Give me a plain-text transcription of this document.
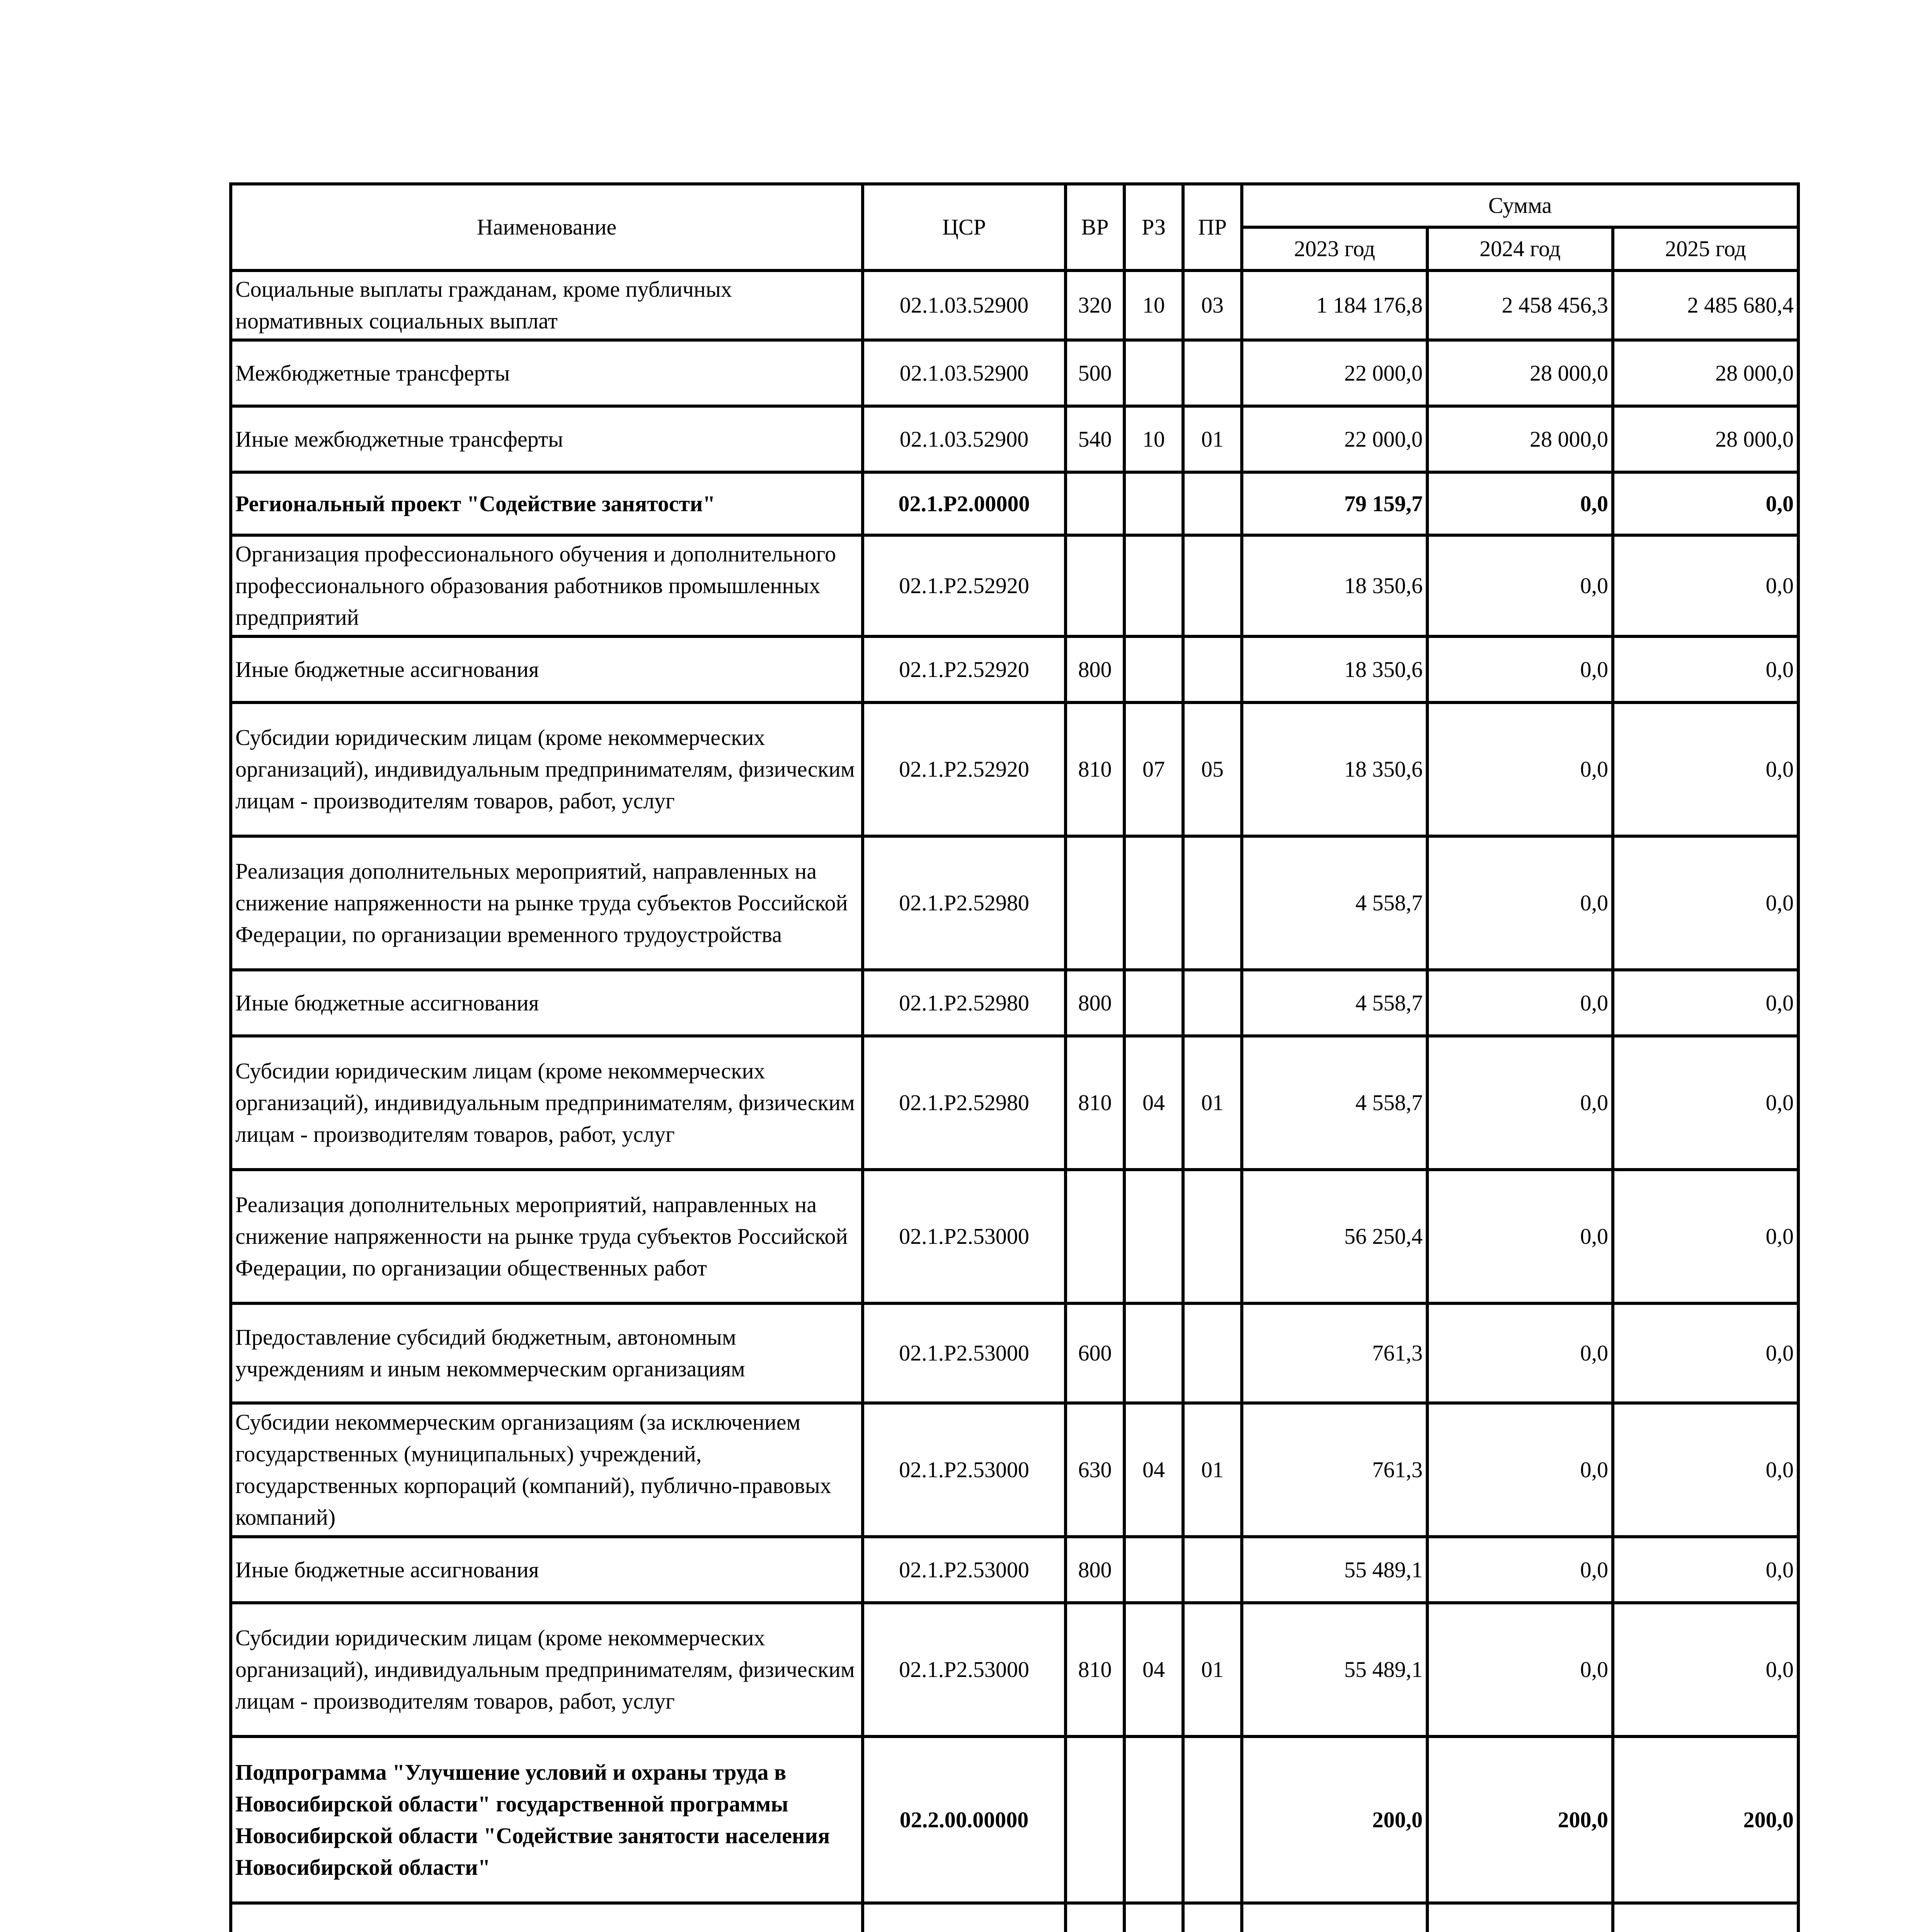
Наименование	ЦСР	ВР	РЗ	ПР	Сумма		
					2023 год	2024 год	2025 год
Социальные выплаты гражданам, кроме публичных нормативных социальных выплат	02.1.03.52900	320	10	03	1 184 176,8	2 458 456,3	2 485 680,4
Межбюджетные трансферты	02.1.03.52900	500			22 000,0	28 000,0	28 000,0
Иные межбюджетные трансферты	02.1.03.52900	540	10	01	22 000,0	28 000,0	28 000,0
Региональный проект "Содействие занятости"	02.1.P2.00000				79 159,7	0,0	0,0
Организация профессионального обучения и дополнительного профессионального образования работников промышленных предприятий	02.1.P2.52920				18 350,6	0,0	0,0
Иные бюджетные ассигнования	02.1.P2.52920	800			18 350,6	0,0	0,0
Субсидии юридическим лицам (кроме некоммерческих организаций), индивидуальным предпринимателям, физическим лицам - производителям товаров, работ, услуг	02.1.P2.52920	810	07	05	18 350,6	0,0	0,0
Реализация дополнительных мероприятий, направленных на снижение напряженности на рынке труда субъектов Российской Федерации, по организации временного трудоустройства	02.1.P2.52980				4 558,7	0,0	0,0
Иные бюджетные ассигнования	02.1.P2.52980	800			4 558,7	0,0	0,0
Субсидии юридическим лицам (кроме некоммерческих организаций), индивидуальным предпринимателям, физическим лицам - производителям товаров, работ, услуг	02.1.P2.52980	810	04	01	4 558,7	0,0	0,0
Реализация дополнительных мероприятий, направленных на снижение напряженности на рынке труда субъектов Российской Федерации, по организации общественных работ	02.1.P2.53000				56 250,4	0,0	0,0
Предоставление субсидий бюджетным, автономным учреждениям и иным некоммерческим организациям	02.1.P2.53000	600			761,3	0,0	0,0
Субсидии некоммерческим организациям (за исключением государственных (муниципальных) учреждений, государственных корпораций (компаний), публично-правовых компаний)	02.1.P2.53000	630	04	01	761,3	0,0	0,0
Иные бюджетные ассигнования	02.1.P2.53000	800			55 489,1	0,0	0,0
Субсидии юридическим лицам (кроме некоммерческих организаций), индивидуальным предпринимателям, физическим лицам - производителям товаров, работ, услуг	02.1.P2.53000	810	04	01	55 489,1	0,0	0,0
Подпрограмма "Улучшение условий и охраны труда в Новосибирской области" государственной программы Новосибирской области "Содействие занятости населения Новосибирской области"	02.2.00.00000				200,0	200,0	200,0
